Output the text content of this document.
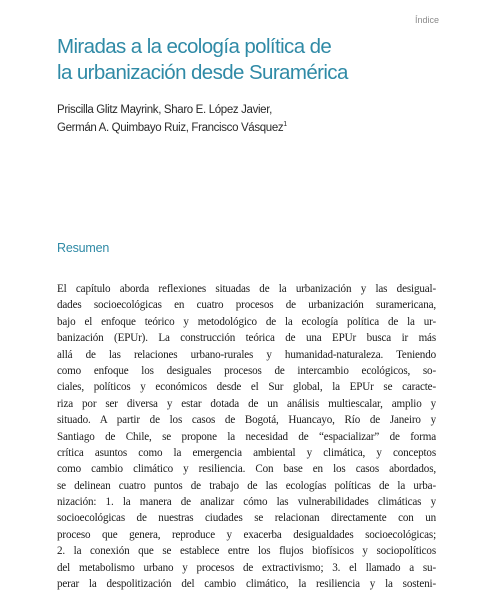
Índice
Miradas a la ecología política de
la urbanización desde Suramérica

Priscilla Glitz Mayrink, Sharo E. López Javier,
Germán A. Quimbayo Ruiz, Francisco Vásquez$^1$

Resumen
El capítulo aborda reflexiones situadas de la urbanización y las desigual-
dades socioecológicas en cuatro procesos de urbanización suramericana,
bajo el enfoque teórico y metodológico de la ecología política de la ur-
banización (EPUr). La construcción teórica de una EPUr busca ir más
allá de las relaciones urbano-rurales y humanidad-naturaleza. Teniendo
como enfoque los desiguales procesos de intercambio ecológicos, so-
ciales, políticos y económicos desde el Sur global, la EPUr se caracte-
riza por ser diversa y estar dotada de un análisis multiescalar, amplio y
situado. A partir de los casos de Bogotá, Huancayo, Río de Janeiro y
Santiago de Chile, se propone la necesidad de “espacializar” de forma
crítica asuntos como la emergencia ambiental y climática, y conceptos
como cambio climático y resiliencia. Con base en los casos abordados,
se delinean cuatro puntos de trabajo de las ecologías políticas de la urba-
nización: 1. la manera de analizar cómo las vulnerabilidades climáticas y
socioecológicas de nuestras ciudades se relacionan directamente con un
proceso que genera, reproduce y exacerba desigualdades socioecológicas;
2. la conexión que se establece entre los flujos biofísicos y sociopolíticos
del metabolismo urbano y procesos de extractivismo; 3. el llamado a su-
perar la despolitización del cambio climático, la resiliencia y la sosteni-
